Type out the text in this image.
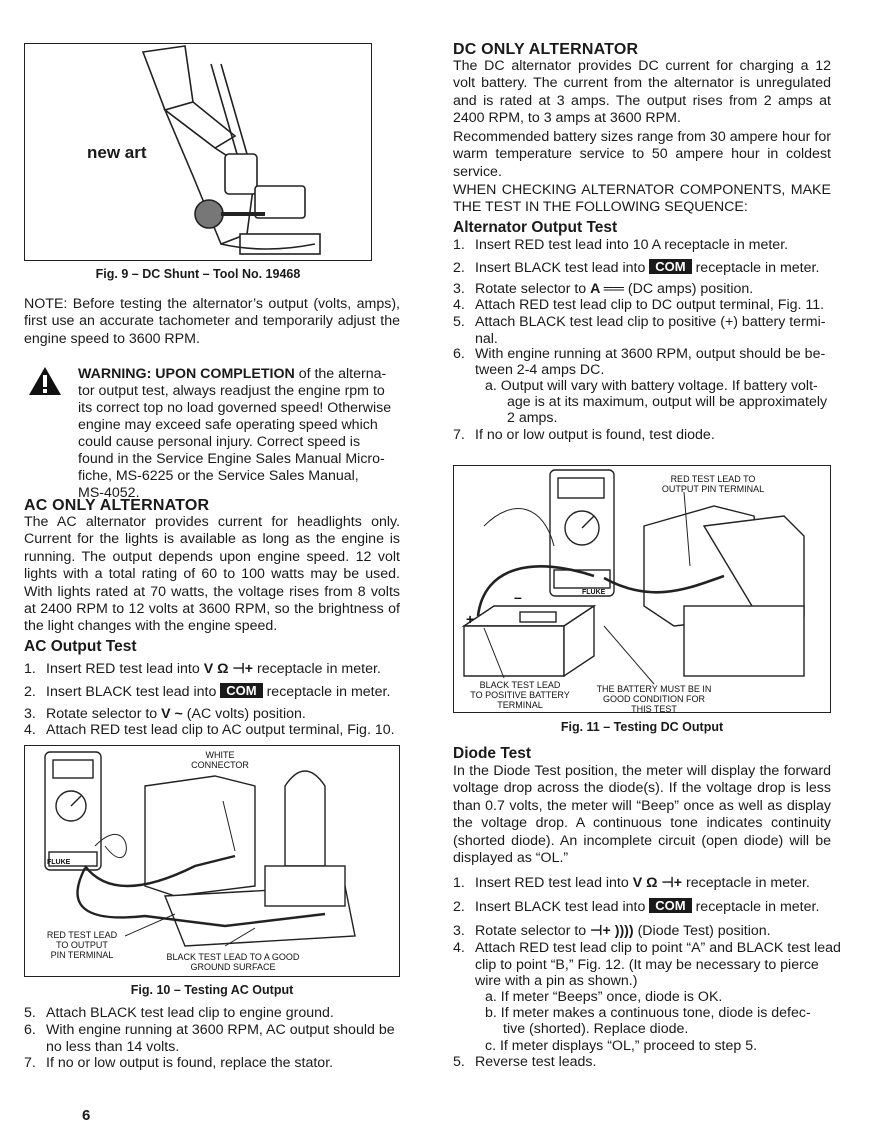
new art
Fig. 9 – DC Shunt – Tool No. 19468
NOTE: Before testing the alternator’s output (volts, amps), first use an accurate tachometer and temporarily adjust the engine speed to 3600 RPM.
WARNING: UPON COMPLETION of the alterna-
tor output test, always readjust the engine rpm to
its correct top no load governed speed! Otherwise
engine may exceed safe operating speed which
could cause personal injury. Correct speed is
found in the Service Engine Sales Manual Micro-
fiche, MS-6225 or the Service Sales Manual,
MS-4052.
AC ONLY ALTERNATOR
The AC alternator provides current for headlights only. Current for the lights is available as long as the engine is running. The output depends upon engine speed. 12 volt lights with a total rating of 60 to 100 watts may be used. With lights rated at 70 watts, the voltage rises from 8 volts at 2400 RPM to 12 volts at 3600 RPM, so the brightness of the light changes with the engine speed.
AC Output Test
1. Insert RED test lead into V Ω ⊣+ receptacle in meter.
2. Insert BLACK test lead into COM receptacle in meter.
3. Rotate selector to V ~ (AC volts) position.
4. Attach RED test lead clip to AC output terminal, Fig. 10.
FLUKE
WHITE
CONNECTOR
RED TEST LEAD
TO OUTPUT
PIN TERMINAL	BLACK TEST LEAD TO A GOOD
GROUND SURFACE
Fig. 10 – Testing AC Output
5. Attach BLACK test lead clip to engine ground.
6. With engine running at 3600 RPM, AC output should be
no less than 14 volts.
7. If no or low output is found, replace the stator.
DC ONLY ALTERNATOR
The DC alternator provides DC current for charging a 12 volt battery. The current from the alternator is unregulated and is rated at 3 amps. The output rises from 2 amps at 2400 RPM, to 3 amps at 3600 RPM.
Recommended battery sizes range from 30 ampere hour for warm temperature service to 50 ampere hour in coldest service.
WHEN CHECKING ALTERNATOR COMPONENTS, MAKE THE TEST IN THE FOLLOWING SEQUENCE:
Alternator Output Test
1. Insert RED test lead into 10 A receptacle in meter.
2. Insert BLACK test lead into COM receptacle in meter.
3. Rotate selector to A ══ (DC amps) position.
4. Attach RED test lead clip to DC output terminal, Fig. 11.
5. Attach BLACK test lead clip to positive (+) battery termi-
nal.
6. With engine running at 3600 RPM, output should be be-
tween 2-4 amps DC.
a. Output will vary with battery voltage. If battery volt-
age is at its maximum, output will be approximately
2 amps.
7. If no or low output is found, test diode.
+
–	FLUKE
RED TEST LEAD TO
OUTPUT PIN TERMINAL
BLACK TEST LEAD
TO POSITIVE BATTERY
TERMINAL
THE BATTERY MUST BE IN
GOOD CONDITION FOR
THIS TEST
Fig. 11 – Testing DC Output
Diode Test
In the Diode Test position, the meter will display the forward voltage drop across the diode(s). If the voltage drop is less than 0.7 volts, the meter will “Beep” once as well as display the voltage drop. A continuous tone indicates continuity (shorted diode). An incomplete circuit (open diode) will be displayed as “OL.”
1. Insert RED test lead into V Ω ⊣+ receptacle in meter.
2. Insert BLACK test lead into COM receptacle in meter.
3. Rotate selector to ⊣+ )))) (Diode Test) position.
4. Attach RED test lead clip to point “A” and BLACK test lead
clip to point “B,” Fig. 12. (It may be necessary to pierce
wire with a pin as shown.)
a. If meter “Beeps” once, diode is OK.
b. If meter makes a continuous tone, diode is defec-
tive (shorted). Replace diode.
c. If meter displays “OL,” proceed to step 5.
5. Reverse test leads.
6
